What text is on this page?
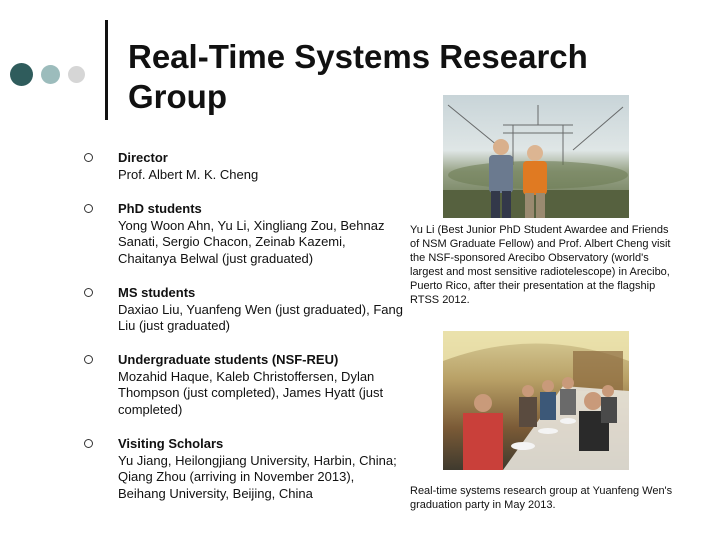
Real-Time Systems Research
Group
Director
Prof. Albert M. K. Cheng
PhD students
Yong Woon Ahn, Yu Li, Xingliang Zou, Behnaz Sanati, Sergio Chacon, Zeinab Kazemi, Chaitanya Belwal (just graduated)
MS students
Daxiao Liu, Yuanfeng Wen (just graduated), Fang Liu (just graduated)
Undergraduate students (NSF-REU)
Mozahid Haque, Kaleb Christoffersen, Dylan Thompson (just completed), James Hyatt (just completed)
Visiting Scholars
Yu Jiang, Heilongjiang University, Harbin, China; Qiang Zhou (arriving in November 2013), Beihang University, Beijing, China
Yu Li (Best Junior PhD Student Awardee and Friends of NSM Graduate Fellow) and Prof. Albert Cheng visit the NSF-sponsored Arecibo Observatory (world's largest and most sensitive radiotelescope) in Arecibo, Puerto Rico, after their presentation at the flagship RTSS 2012.
Real-time systems research group at Yuanfeng Wen's graduation party in May 2013.
